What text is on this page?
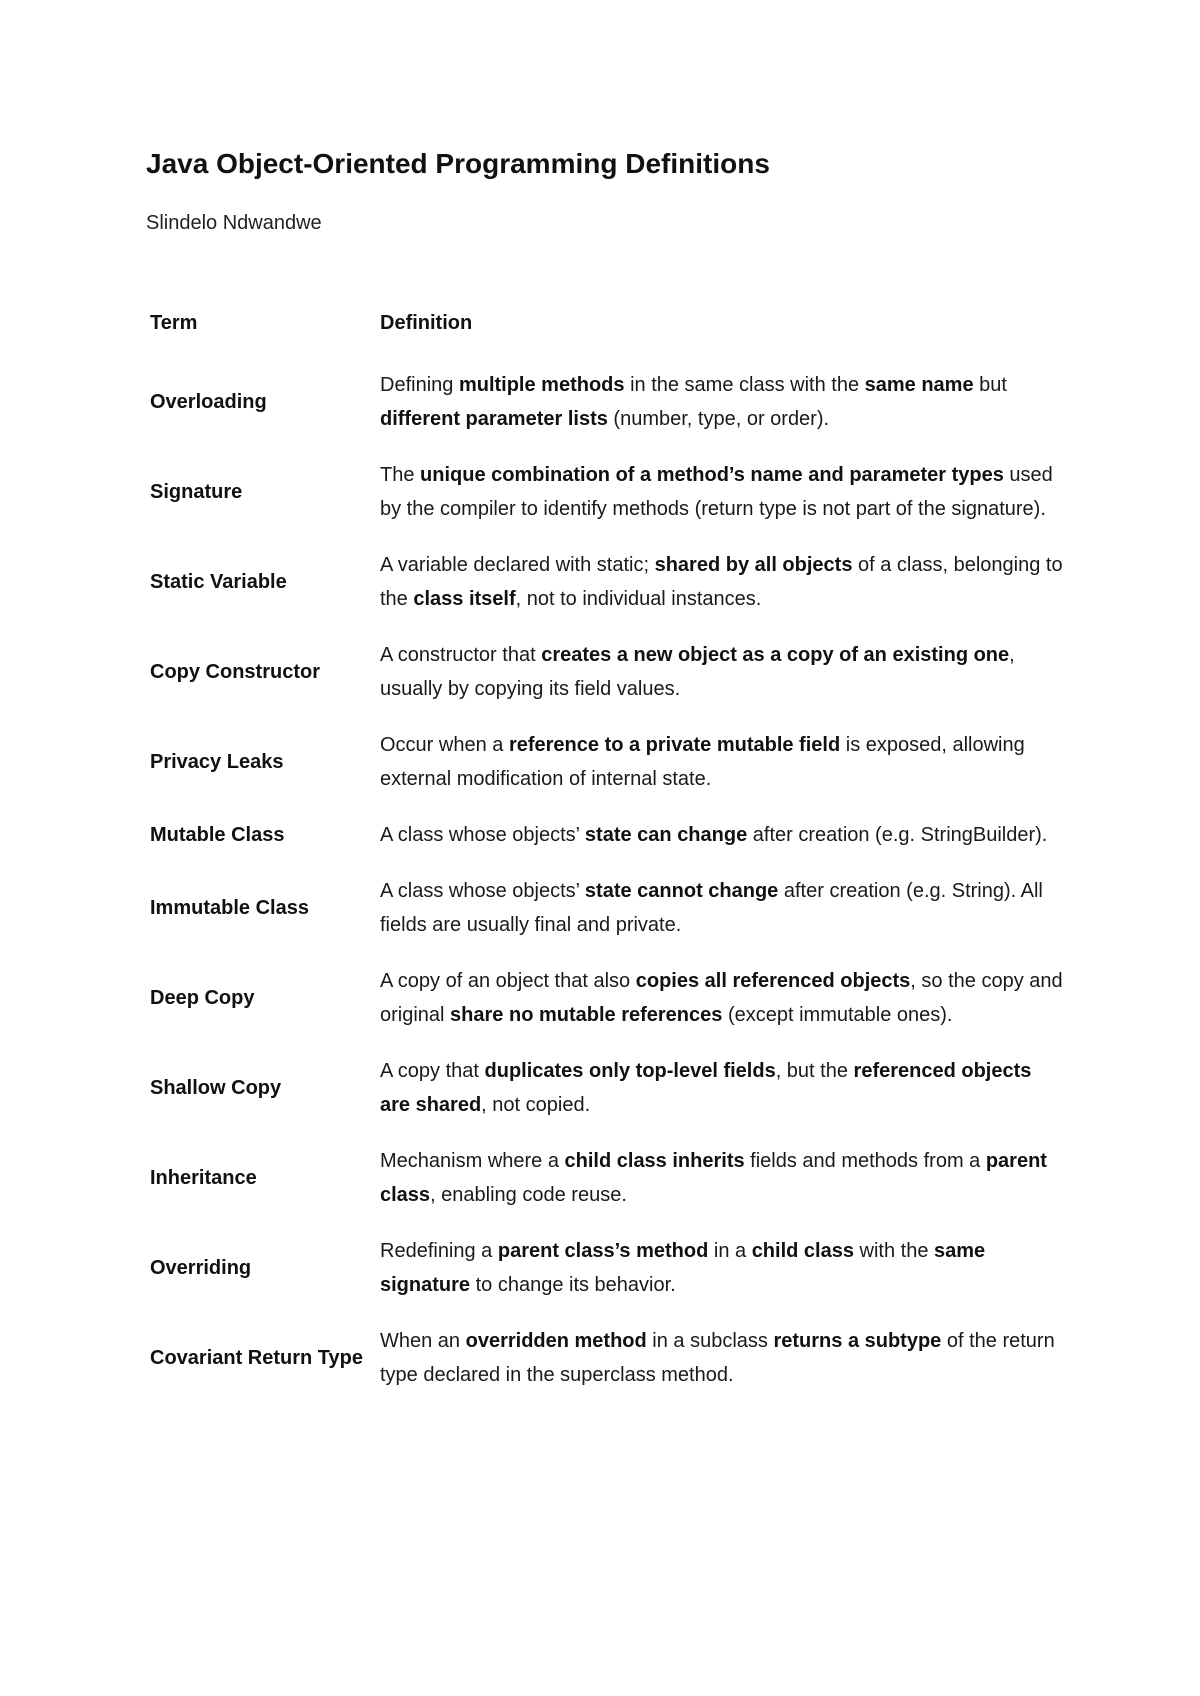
Java Object-Oriented Programming Definitions

Slindelo Ndwandwe

Term	Definition
Overloading	Defining multiple methods in the same class with the same name but different parameter lists (number, type, or order).
Signature	The unique combination of a method’s name and parameter types used by the compiler to identify methods (return type is not part of the signature).
Static Variable	A variable declared with static; shared by all objects of a class, belonging to the class itself, not to individual instances.
Copy Constructor	A constructor that creates a new object as a copy of an existing one, usually by copying its field values.
Privacy Leaks	Occur when a reference to a private mutable field is exposed, allowing external modification of internal state.
Mutable Class	A class whose objects’ state can change after creation (e.g. StringBuilder).
Immutable Class	A class whose objects’ state cannot change after creation (e.g. String). All fields are usually final and private.
Deep Copy	A copy of an object that also copies all referenced objects, so the copy and original share no mutable references (except immutable ones).
Shallow Copy	A copy that duplicates only top-level fields, but the referenced objects are shared, not copied.
Inheritance	Mechanism where a child class inherits fields and methods from a parent class, enabling code reuse.
Overriding	Redefining a parent class’s method in a child class with the same signature to change its behavior.
Covariant Return Type	When an overridden method in a subclass returns a subtype of the return type declared in the superclass method.
